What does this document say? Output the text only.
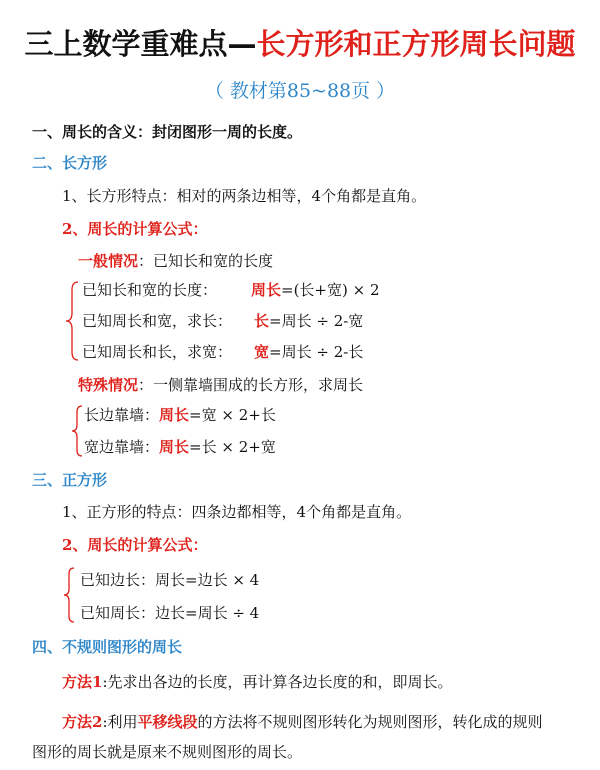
三上数学重难点—长方形和正方形周长问题
（ 教材第85~88页 ）
一、周长的含义：封闭图形一周的长度。
二、长方形
1、长方形特点：相对的两条边相等，4个角都是直角。
2、周长的计算公式：
一般情况：已知长和宽的长度
已知长和宽的长度： 周长=(长+宽) × 2
已知周长和宽，求长： 长=周长 ÷ 2-宽
已知周长和长，求宽： 宽=周长 ÷ 2-长
特殊情况：一侧靠墙围成的长方形，求周长
长边靠墙：周长=宽 × 2+长
宽边靠墙：周长=长 × 2+宽
三、正方形
1、正方形的特点：四条边都相等，4个角都是直角。
2、周长的计算公式：
已知边长：周长=边长 × 4
已知周长：边长=周长 ÷ 4
四、不规则图形的周长
方法1:先求出各边的长度，再计算各边长度的和，即周长。
方法2:利用平移线段的方法将不规则图形转化为规则图形，转化成的规则
图形的周长就是原来不规则图形的周长。
